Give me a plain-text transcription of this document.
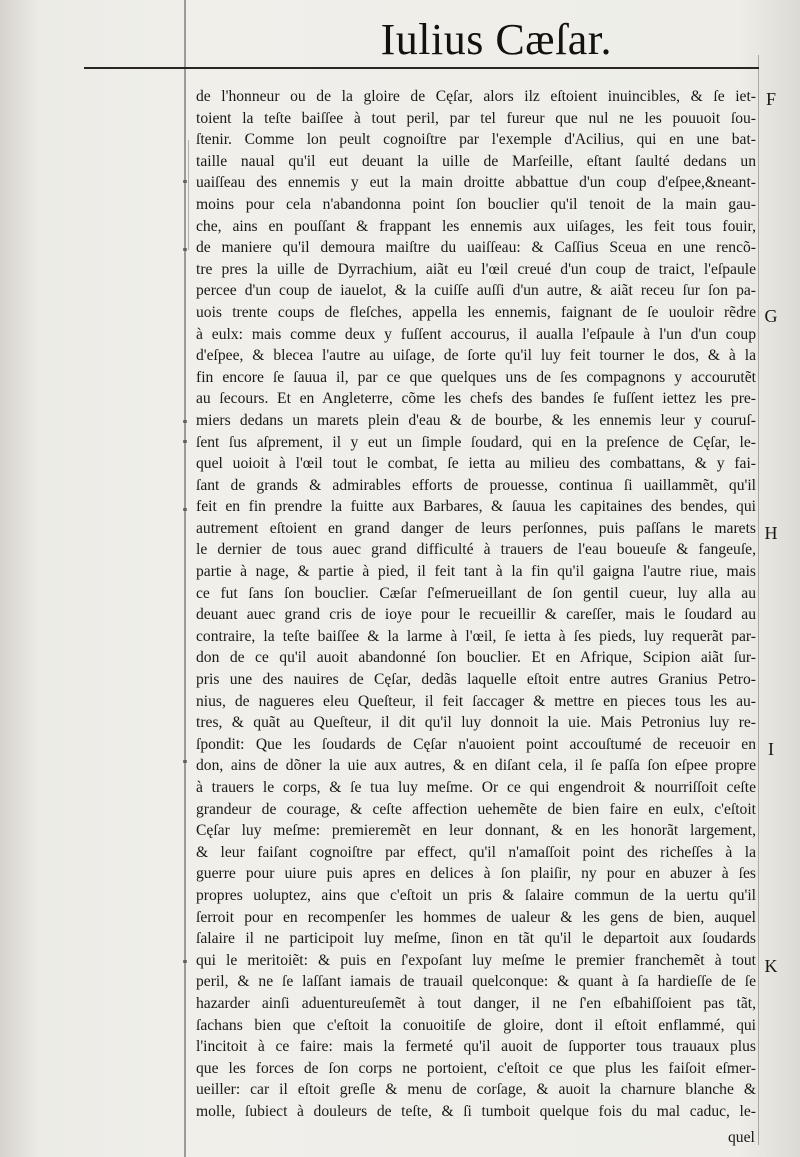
Iulius Cæſar.
de l'honneur ou de la gloire de Cęſar, alors ilz eſtoient inuincibles, & ſe iet-
toient la teſte baiſſee à tout peril, par tel fureur que nul ne les pouuoit ſou-
ſtenir. Comme lon peult cognoiſtre par l'exemple d'Acilius, qui en une bat-
taille naual qu'il eut deuant la uille de Marſeille, eſtant ſaulté dedans un
uaiſſeau des ennemis y eut la main droitte abbattue d'un coup d'eſpee,&neant-
moins pour cela n'abandonna point ſon bouclier qu'il tenoit de la main gau-
che, ains en pouſſant & frappant les ennemis aux uiſages, les feit tous fouir,
de maniere qu'il demoura maiſtre du uaiſſeau: & Caſſius Sceua en une rencõ-
tre pres la uille de Dyrrachium, aiãt eu l'œil creué d'un coup de traict, l'eſpaule
percee d'un coup de iauelot, & la cuiſſe auſſi d'un autre, & aiãt receu ſur ſon pa-
uois trente coups de fleſches, appella les ennemis, faignant de ſe uouloir rẽdre
à eulx: mais comme deux y fuſſent accourus, il aualla l'eſpaule à l'un d'un coup
d'eſpee, & blecea l'autre au uiſage, de ſorte qu'il luy feit tourner le dos, & à la
fin encore ſe ſauua il, par ce que quelques uns de ſes compagnons y accourutẽt
au ſecours. Et en Angleterre, cõme les chefs des bandes ſe fuſſent iettez les pre-
miers dedans un marets plein d'eau & de bourbe, & les ennemis leur y couruſ-
ſent ſus aſprement, il y eut un ſimple ſoudard, qui en la preſence de Cęſar, le-
quel uoioit à l'œil tout le combat, ſe ietta au milieu des combattans, & y fai-
ſant de grands & admirables efforts de prouesse, continua ſi uaillammẽt, qu'il
feit en fin prendre la fuitte aux Barbares, & ſauua les capitaines des bendes, qui
autrement eſtoient en grand danger de leurs perſonnes, puis paſſans le marets
le dernier de tous auec grand difficulté à trauers de l'eau boueuſe & fangeuſe,
partie à nage, & partie à pied, il feit tant à la fin qu'il gaigna l'autre riue, mais
ce fut ſans ſon bouclier. Cæſar ſ'eſmerueillant de ſon gentil cueur, luy alla au
deuant auec grand cris de ioye pour le recueillir & careſſer, mais le ſoudard au
contraire, la teſte baiſſee & la larme à l'œil, ſe ietta à ſes pieds, luy requerãt par-
don de ce qu'il auoit abandonné ſon bouclier. Et en Afrique, Scipion aiãt ſur-
pris une des nauires de Cęſar, dedãs laquelle eſtoit entre autres Granius Petro-
nius, de nagueres eleu Queſteur, il feit ſaccager & mettre en pieces tous les au-
tres, & quãt au Queſteur, il dit qu'il luy donnoit la uie. Mais Petronius luy re-
ſpondit: Que les ſoudards de Cęſar n'auoient point accouſtumé de receuoir en
don, ains de dõner la uie aux autres, & en diſant cela, il ſe paſſa ſon eſpee propre
à trauers le corps, & ſe tua luy meſme. Or ce qui engendroit & nourriſſoit ceſte
grandeur de courage, & ceſte affection uehemẽte de bien faire en eulx, c'eſtoit
Cęſar luy meſme: premieremẽt en leur donnant, & en les honorãt largement,
& leur faiſant cognoiſtre par effect, qu'il n'amaſſoit point des richeſſes à la
guerre pour uiure puis apres en delices à ſon plaiſir, ny pour en abuzer à ſes
propres uoluptez, ains que c'eſtoit un pris & ſalaire commun de la uertu qu'il
ſerroit pour en recompenſer les hommes de ualeur & les gens de bien, auquel
ſalaire il ne participoit luy meſme, ſinon en tãt qu'il le departoit aux ſoudards
qui le meritoiẽt: & puis en ſ'expoſant luy meſme le premier franchemẽt à tout
peril, & ne ſe laſſant iamais de trauail quelconque: & quant à ſa hardieſſe de ſe
hazarder ainſi aduentureuſemẽt à tout danger, il ne ſ'en eſbahiſſoient pas tãt,
ſachans bien que c'eſtoit la conuoitiſe de gloire, dont il eſtoit enflammé, qui
l'incitoit à ce faire: mais la fermeté qu'il auoit de ſupporter tous trauaux plus
que les forces de ſon corps ne portoient, c'eſtoit ce que plus les faiſoit eſmer-
ueiller: car il eſtoit greſle & menu de corſage, & auoit la charnure blanche &
molle, ſubiect à douleurs de teſte, & ſi tumboit quelque fois du mal caduc, le-
F
G
H
I
K
quel
